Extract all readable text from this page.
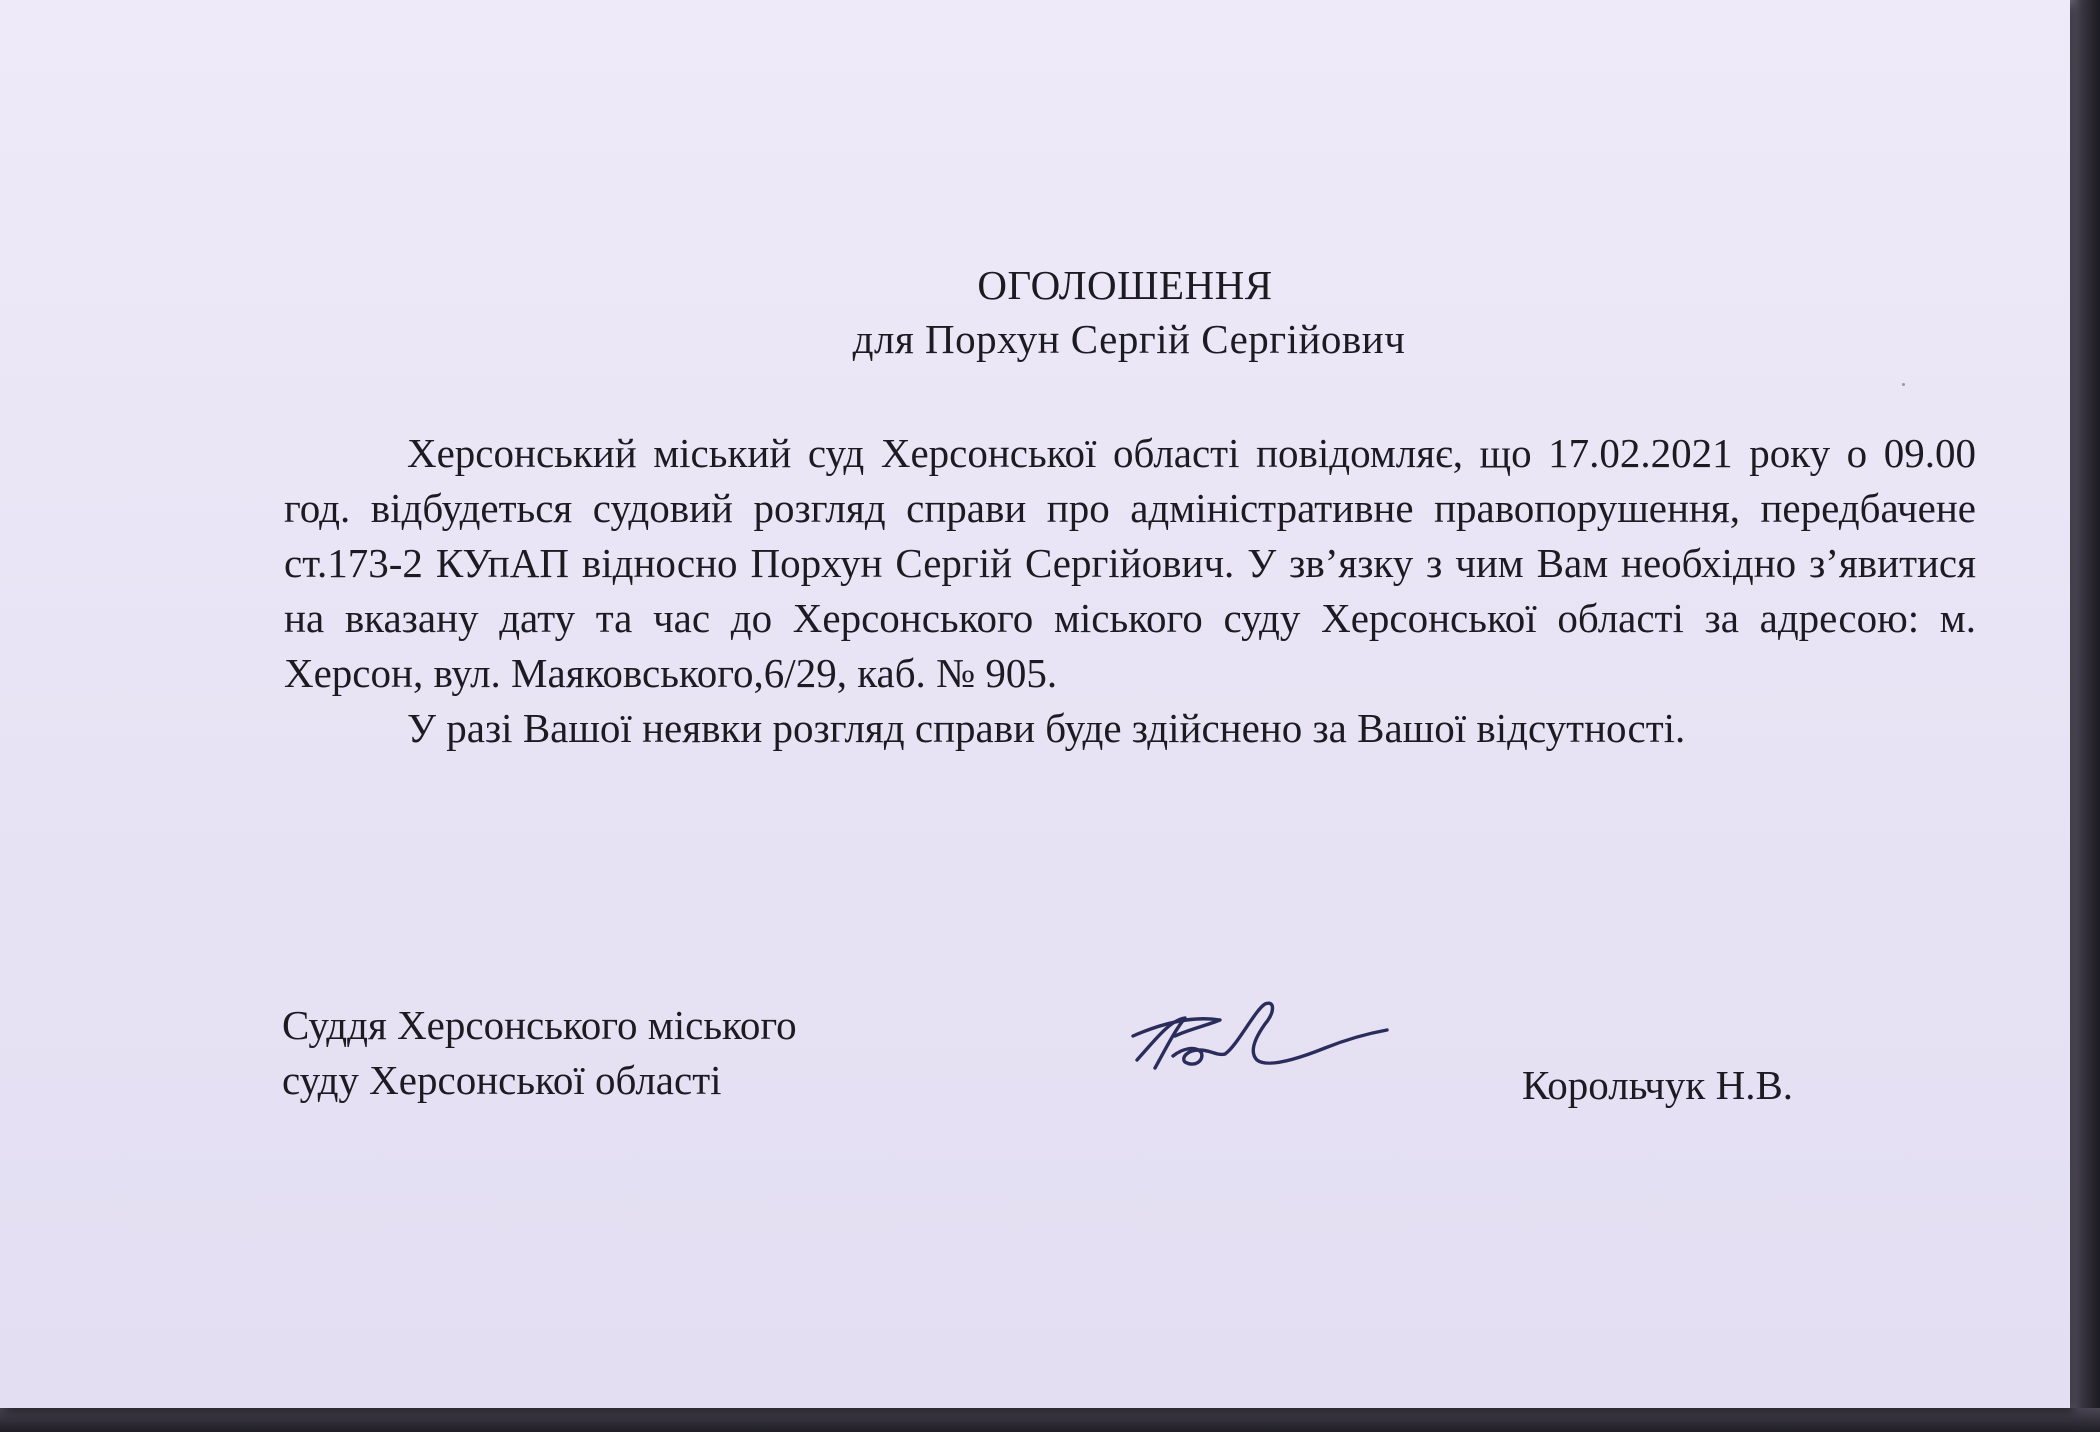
ОГОЛОШЕННЯ
для Порхун Сергій Сергійович

Херсонський міський суд Херсонської області повідомляє, що 17.02.2021 року о 09.00 год. відбудеться судовий розгляд справи про адміністративне правопорушення, передбачене ст.173-2 КУпАП відносно Порхун Сергій Сергійович. У зв’язку з чим Вам необхідно з’явитися на вказану дату та час до Херсонського міського суду Херсонської області за адресою: м. Херсон, вул. Маяковського,6/29, каб. № 905.

У разі Вашої неявки розгляд справи буде здійснено за Вашої відсутності.

Суддя Херсонського міського
суду Херсонської області	Корольчук Н.В.
